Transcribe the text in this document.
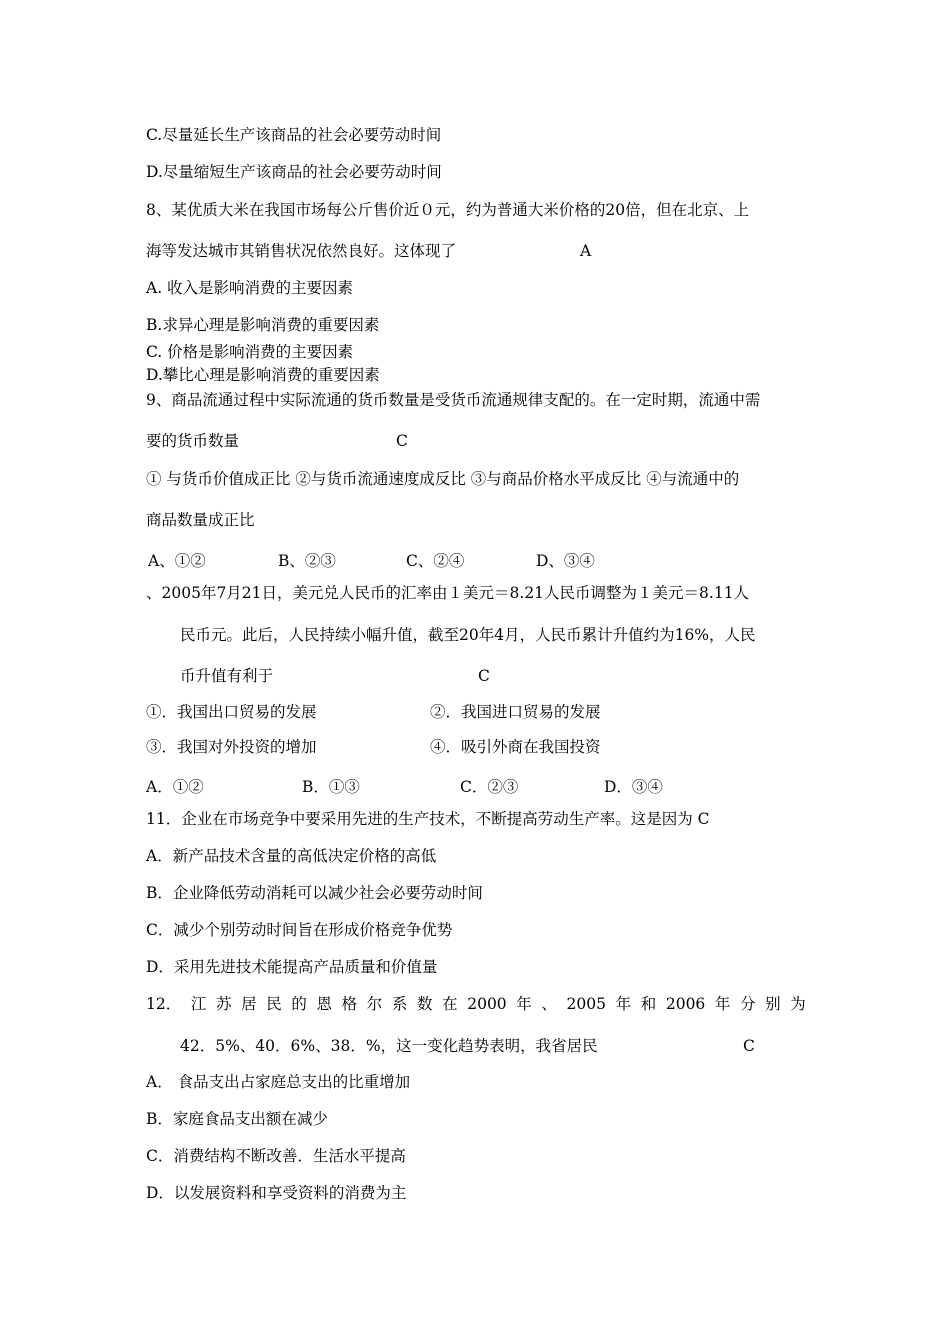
C.尽量延长生产该商品的社会必要劳动时间
D.尽量缩短生产该商品的社会必要劳动时间
8、某优质大米在我国市场每公斤售价近０元，约为普通大米价格的20倍，但在北京、上
海等发达城市其销售状况依然良好。这体现了	A
A. 收入是影响消费的主要因素
B.求异心理是影响消费的重要因素
C. 价格是影响消费的主要因素
D.攀比心理是影响消费的重要因素
9、商品流通过程中实际流通的货币数量是受货币流通规律支配的。在一定时期，流通中需
要的货币数量	C
① 与货币价值成正比 ②与货币流通速度成反比 ③与商品价格水平成反比 ④与流通中的
商品数量成正比
A、①②	B、②③	C、②④	D、③④
、2005年7月21日，美元兑人民币的汇率由１美元＝8.21人民币调整为１美元＝8.11人
民币元。此后，人民持续小幅升值，截至20年4月，人民币累计升值约为16%，人民
币升值有利于	C
①．我国出口贸易的发展	②．我国进口贸易的发展
③．我国对外投资的增加	④．吸引外商在我国投资
A．①②	B．①③	C．②③	D．③④
11．企业在市场竞争中要采用先进的生产技术，不断提高劳动生产率。这是因为 C
A．新产品技术含量的高低决定价格的高低
B．企业降低劳动消耗可以减少社会必要劳动时间
C．减少个别劳动时间旨在形成价格竞争优势
D．采用先进技术能提高产品质量和价值量
12． 江 苏 居 民 的 恩 格 尔 系 数 在 2000 年 、 2005 年 和 2006 年 分 别 为
42．5%、40．6%、38．%，这一变化趋势表明，我省居民	C
A． 食品支出占家庭总支出的比重增加
B．家庭食品支出额在减少
C．消费结构不断改善．生活水平提高
D．以发展资料和享受资料的消费为主
